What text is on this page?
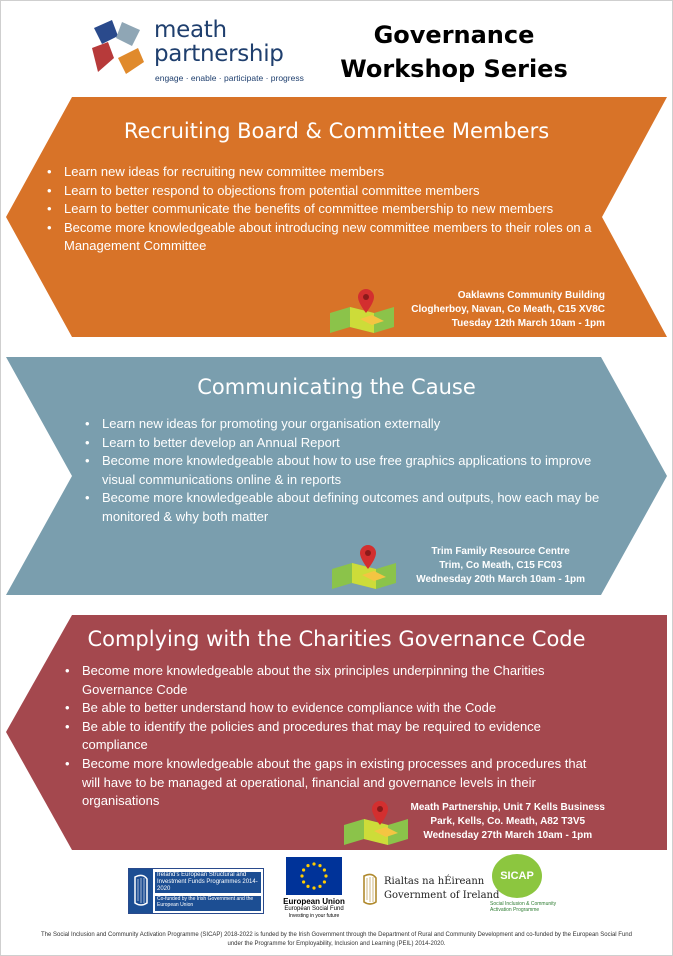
meath
partnership
engage · enable · participate · progress
Governance
Workshop Series
Recruiting Board & Committee Members
• Learn new ideas for recruiting new committee members
• Learn to better respond to objections from potential committee members
• Learn to better communicate the benefits of committee membership to new members
• Become more knowledgeable about introducing new committee members to their roles on a Management Committee
Oaklawns Community Building
Clogherboy, Navan, Co Meath, C15 XV8C
Tuesday 12th March 10am - 1pm
Communicating the Cause
• Learn new ideas for promoting your organisation externally
• Learn to better develop an Annual Report
• Become more knowledgeable about how to use free graphics applications to improve visual communications online & in reports
• Become more knowledgeable about defining outcomes and outputs, how each may be monitored & why both matter
Trim Family Resource Centre
Trim, Co Meath, C15 FC03
Wednesday 20th March 10am - 1pm
Complying with the Charities Governance Code
• Become more knowledgeable about the six principles underpinning the Charities Governance Code
• Be able to better understand how to evidence compliance with the Code
• Be able to identify the policies and procedures that may be required to evidence compliance
• Become more knowledgeable about the gaps in existing processes and procedures that will have to be managed at operational, financial and governance levels in their organisations	Meath Partnership, Unit 7 Kells Business
Park, Kells, Co. Meath, A82 T3V5
Wednesday 27th March 10am - 1pm
Ireland's European Structural and Investment Funds Programmes 2014-2020
Co-funded by the Irish Government and the European Union	European Union
European Social Fund
Investing in your future
Rialtas na hÉireann
Government of Ireland
SICAP
Social Inclusion & Community Activation Programme
The Social Inclusion and Community Activation Programme (SICAP) 2018-2022 is funded by the Irish Government through the Department of Rural and Community Development and co-funded by the European Social Fund under the Programme for Employability, Inclusion and Learning (PEIL) 2014-2020.
